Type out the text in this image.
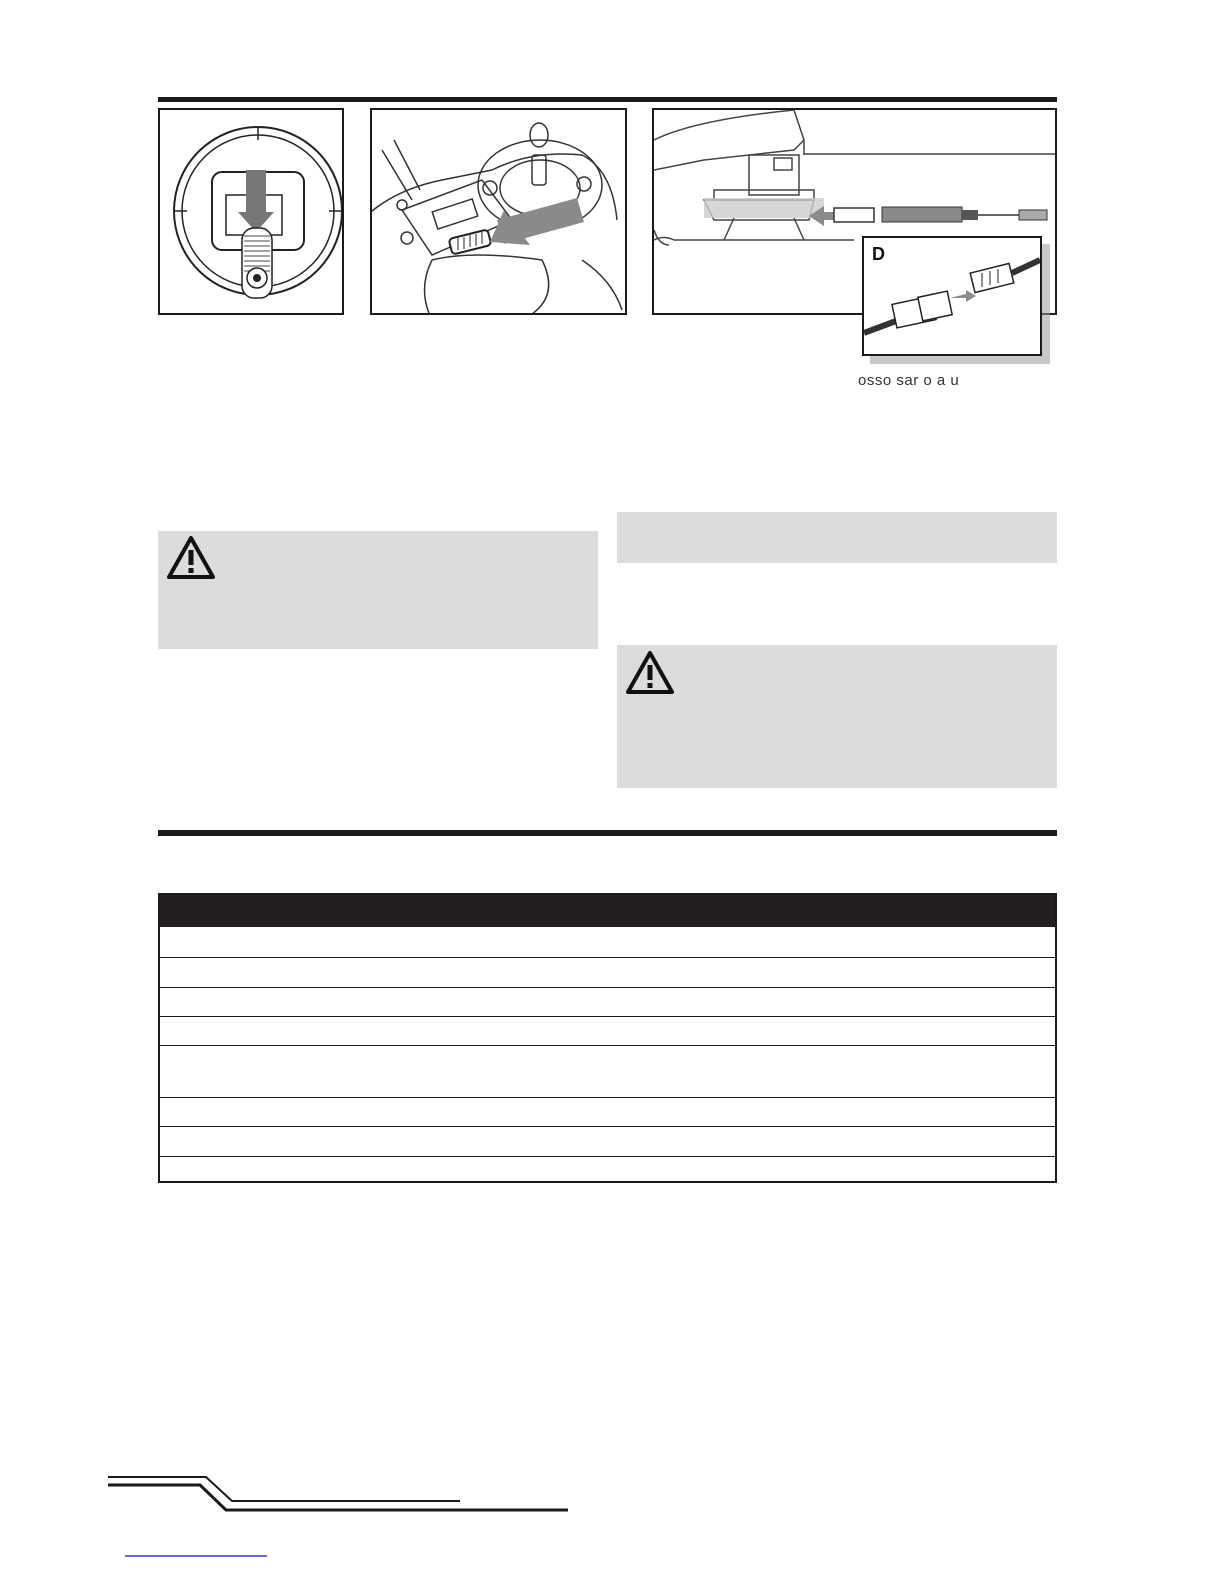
D
osso sar o a u
